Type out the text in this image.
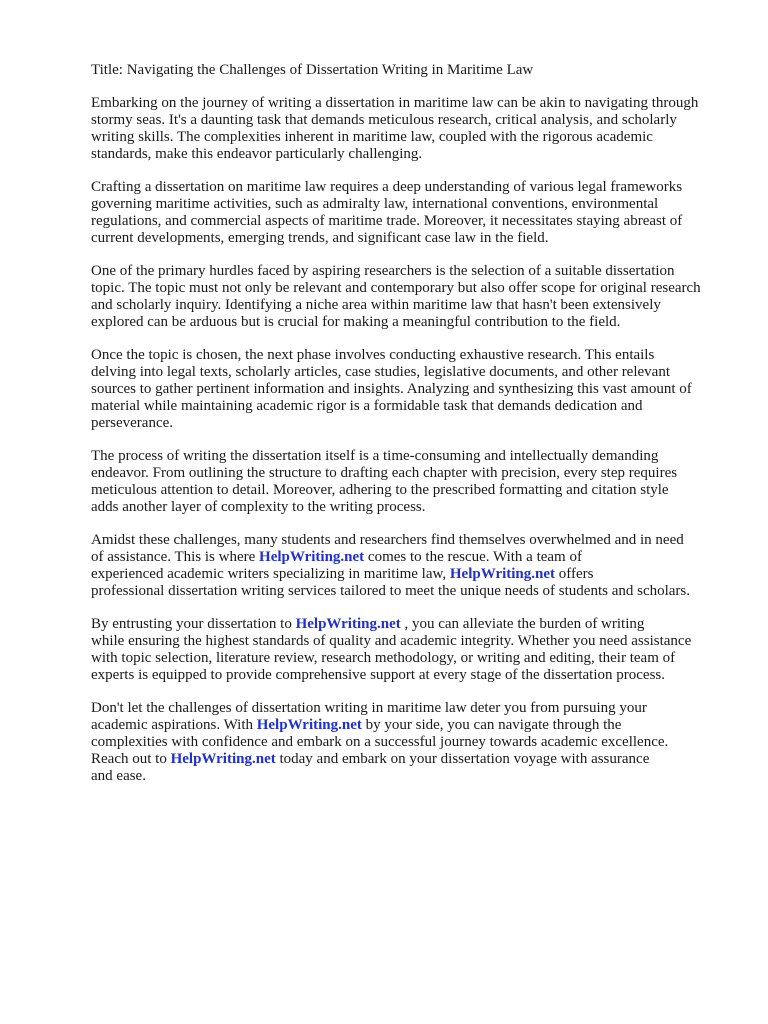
Title: Navigating the Challenges of Dissertation Writing in Maritime Law

Embarking on the journey of writing a dissertation in maritime law can be akin to navigating through
stormy seas. It's a daunting task that demands meticulous research, critical analysis, and scholarly
writing skills. The complexities inherent in maritime law, coupled with the rigorous academic
standards, make this endeavor particularly challenging.
Crafting a dissertation on maritime law requires a deep understanding of various legal frameworks
governing maritime activities, such as admiralty law, international conventions, environmental
regulations, and commercial aspects of maritime trade. Moreover, it necessitates staying abreast of
current developments, emerging trends, and significant case law in the field.
One of the primary hurdles faced by aspiring researchers is the selection of a suitable dissertation
topic. The topic must not only be relevant and contemporary but also offer scope for original research
and scholarly inquiry. Identifying a niche area within maritime law that hasn't been extensively
explored can be arduous but is crucial for making a meaningful contribution to the field.
Once the topic is chosen, the next phase involves conducting exhaustive research. This entails
delving into legal texts, scholarly articles, case studies, legislative documents, and other relevant
sources to gather pertinent information and insights. Analyzing and synthesizing this vast amount of
material while maintaining academic rigor is a formidable task that demands dedication and
perseverance.
The process of writing the dissertation itself is a time-consuming and intellectually demanding
endeavor. From outlining the structure to drafting each chapter with precision, every step requires
meticulous attention to detail. Moreover, adhering to the prescribed formatting and citation style
adds another layer of complexity to the writing process.
Amidst these challenges, many students and researchers find themselves overwhelmed and in need
of assistance. This is where HelpWriting.net comes to the rescue. With a team of
experienced academic writers specializing in maritime law, HelpWriting.net offers
professional dissertation writing services tailored to meet the unique needs of students and scholars.
By entrusting your dissertation to HelpWriting.net , you can alleviate the burden of writing
while ensuring the highest standards of quality and academic integrity. Whether you need assistance
with topic selection, literature review, research methodology, or writing and editing, their team of
experts is equipped to provide comprehensive support at every stage of the dissertation process.
Don't let the challenges of dissertation writing in maritime law deter you from pursuing your
academic aspirations. With HelpWriting.net by your side, you can navigate through the
complexities with confidence and embark on a successful journey towards academic excellence.
Reach out to HelpWriting.net today and embark on your dissertation voyage with assurance
and ease.
